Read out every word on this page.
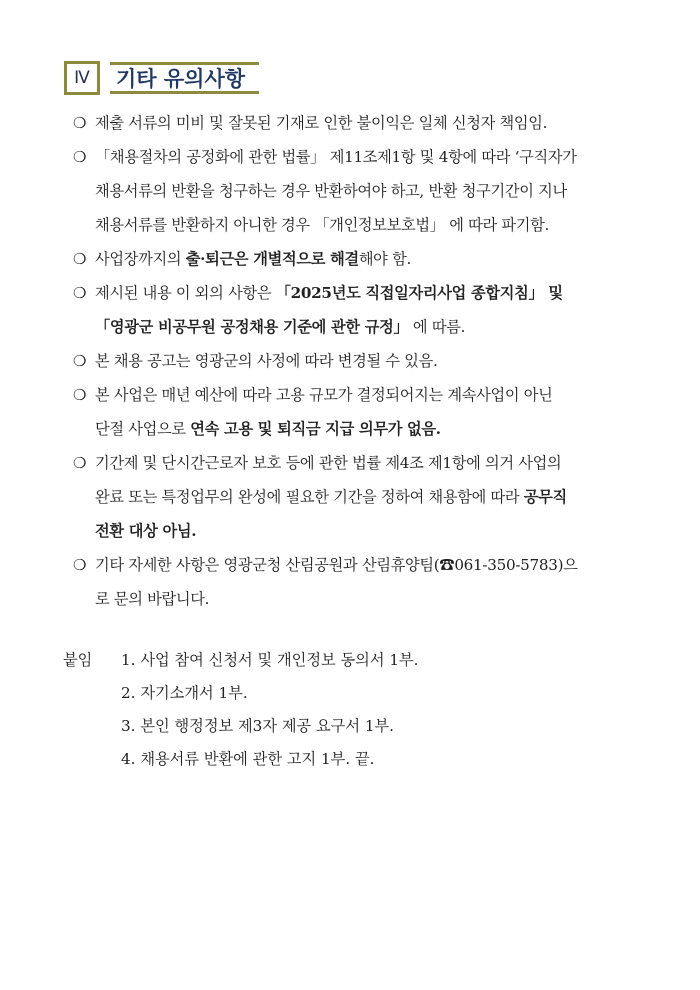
Ⅳ	기타 유의사항
❍ 제출 서류의 미비 및 잘못된 기재로 인한 불이익은 일체 신청자 책임임.
❍ 「채용절차의 공정화에 관한 법률」 제11조제1항 및 4항에 따라 ‘구직자가
채용서류의 반환을 청구하는 경우 반환하여야 하고, 반환 청구기간이 지나
채용서류를 반환하지 아니한 경우 「개인정보보호법」 에 따라 파기함.
❍ 사업장까지의 출·퇴근은 개별적으로 해결해야 함.
❍ 제시된 내용 이 외의 사항은 「2025년도 직접일자리사업 종합지침」 및
「영광군 비공무원 공정채용 기준에 관한 규정」 에 따름.
❍ 본 채용 공고는 영광군의 사정에 따라 변경될 수 있음.
❍ 본 사업은 매년 예산에 따라 고용 규모가 결정되어지는 계속사업이 아닌
단절 사업으로 연속 고용 및 퇴직금 지급 의무가 없음.
❍ 기간제 및 단시간근로자 보호 등에 관한 법률 제4조 제1항에 의거 사업의
완료 또는 특정업무의 완성에 필요한 기간을 정하여 채용함에 따라 공무직
전환 대상 아님.
❍ 기타 자세한 사항은 영광군청 산림공원과 산림휴양팀(☎061-350-5783)으
로 문의 바랍니다.
붙임 1. 사업 참여 신청서 및 개인정보 동의서 1부.
2. 자기소개서 1부.
3. 본인 행정정보 제3자 제공 요구서 1부.
4. 채용서류 반환에 관한 고지 1부. 끝.
